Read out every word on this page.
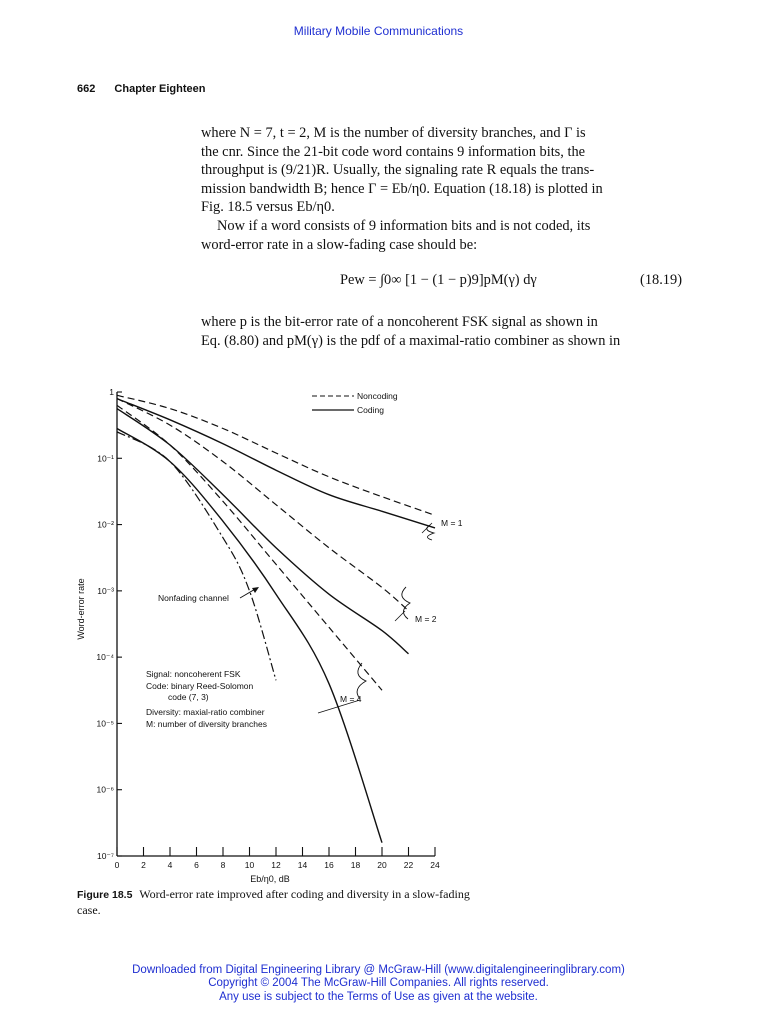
Military Mobile Communications
662 Chapter Eighteen

where N = 7, t = 2, M is the number of diversity branches, and Γ is

the cnr. Since the 21-bit code word contains 9 information bits, the

throughput is (9/21)R. Usually, the signaling rate R equals the trans-

mission bandwidth B; hence Γ = Eb/η0. Equation (18.18) is plotted in

Fig. 18.5 versus Eb/η0.

Now if a word consists of 9 information bits and is not coded, its

word-error rate in a slow-fading case should be:

Pew = ∫0∞ [1 − (1 − p)9]pM(γ) dγ	(18.19)

where p is the bit-error rate of a noncoherent FSK signal as shown in

Eq. (8.80) and pM(γ) is the pdf of a maximal-ratio combiner as shown in

1
10⁻¹
10⁻²
10⁻³
10⁻⁴
10⁻⁵
10⁻⁶
10⁻⁷
0	2	4	6	8 10 12 14 16 18 20 22 24
Eb/η0, dB
Word-error rate
Noncoding
Coding
Nonfading channel
M = 1
M = 2
M = 4
Signal: noncoherent FSK
Code: binary Reed-Solomon
code (7, 3)
Diversity: maxial-ratio combiner
M: number of diversity branches
Figure 18.5 Word-error rate improved after coding and diversity in a slow-fading case.
Downloaded from Digital Engineering Library @ McGraw-Hill (www.digitalengineeringlibrary.com)
Copyright © 2004 The McGraw-Hill Companies. All rights reserved.
Any use is subject to the Terms of Use as given at the website.
